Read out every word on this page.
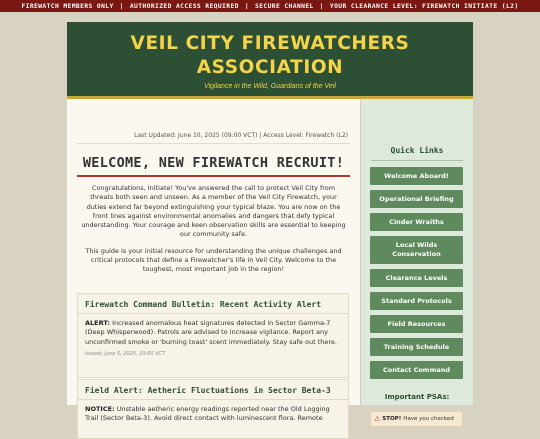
FIREWATCH MEMBERS ONLY | AUTHORIZED ACCESS REQUIRED | SECURE CHANNEL | YOUR CLEARANCE LEVEL: FIREWATCH INITIATE (L2)
VEIL CITY FIREWATCHERS
ASSOCIATION
Vigilance in the Wild, Guardians of the Veil
Last Updated: June 10, 2025 (09:00 VCT) | Access Level: Firewatch (L2)
WELCOME, NEW FIREWATCH RECRUIT!

Congratulations, Initiate! You've answered the call to protect Veil City from threats both seen and unseen. As a member of the Veil City Firewatch, your duties extend far beyond extinguishing your typical blaze. You are now on the front lines against environmental anomalies and dangers that defy typical understanding. Your courage and keen observation skills are essential to keeping our community safe.

This guide is your initial resource for understanding the unique challenges and critical protocols that define a Firewatcher's life in Veil City. Welcome to the toughest, most important job in the region!

Firewatch Command Bulletin: Recent Activity Alert
ALERT: Increased anomalous heat signatures detected in Sector Gamma-7 (Deep Whisperwood). Patrols are advised to increase vigilance. Report any unconfirmed smoke or 'burning toast' scent immediately. Stay safe out there.
Issued: June 5, 2025, 23:00 VCT
Field Alert: Aetheric Fluctuations in Sector Beta-3
NOTICE: Unstable aetheric energy readings reported near the Old Logging Trail (Sector Beta-3). Avoid direct contact with luminescent flora. Remote
Quick Links
Welcome Aboard!
Operational Briefing
Cinder Wraiths
Local Wilds Conservation
Clearance Levels
Standard Protocols
Field Resources
Training Schedule
Contact Command
Important PSAs:
⚠ STOP! Have you checked
